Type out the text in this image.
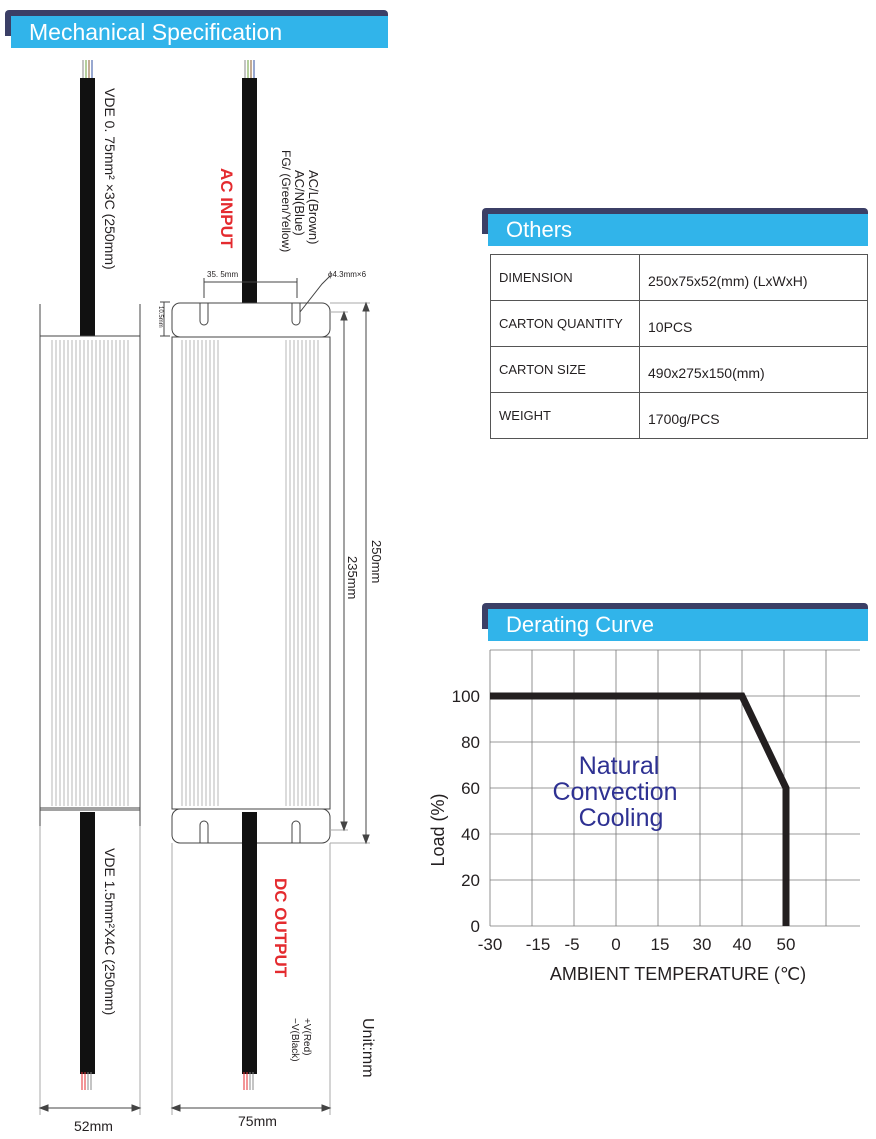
Mechanical Specification
VDE 0. 75mm² ×3C (250mm)	AC INPUT	AC/L(Brown)
AC/N(Blue)
FG/ (Green/Yellow)
250mm
235mm
10.5mm
VDE 1.5mm²X4C (250mm)	DC OUTPUT
+V(Red)
−V(Black)	Unit:mm
35. 5mm	ϕ4.3mm×6
52mm	75mm
Others
DIMENSION	250x75x52(mm) (LxWxH)
CARTON QUANTITY	10PCS
CARTON SIZE	490x275x150(mm)
WEIGHT	1700g/PCS
Derating Curve
-30 -15 -5 0 15 30 40 50
0
20
40
60
80
100
Natural
Convection
Cooling
AMBIENT TEMPERATURE (℃)
Load (%)
